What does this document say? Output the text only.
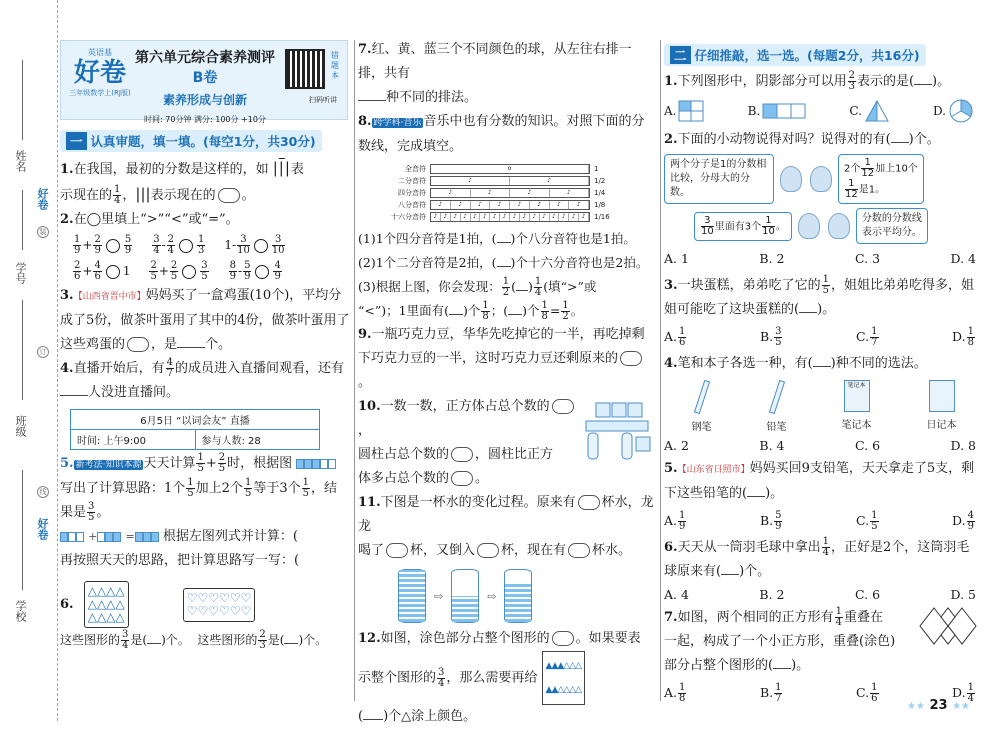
姓名
学号
班级
学校
装
订
线
好卷
好卷
英语基
好卷
三年级数学上(RJ版)
第六单元综合素养测评 B卷
素养形成与创新
时间: 70分钟 满分: 100分 +10分
扫码听讲
错题本
一 认真审题，填一填。(每空1分，共30分)
1.在我国，最初的分数是这样的，如 |||表
示现在的 $\frac{1}{4}$ ，|||表示现在的 。
2.在◯里填上“>”“<”或“=”。
$\frac{1}{9} + \frac{2}{9} \frac{5}{9} \frac{3}{4} - \frac{2}{4} \frac{1}{3} 1- \frac{3}{10} \frac{3}{10}$
$\frac{2}{6} + \frac{4}{6} 1 \frac{2}{5} + \frac{2}{5} \frac{3}{5} \frac{8}{9} - \frac{5}{9} \frac{4}{9}$
3.【山西省晋中市】妈妈买了一盒鸡蛋(10个)，平均分成了5份，做茶叶蛋用了其中的4份，做茶叶蛋用了这些鸡蛋的 ，是 个。
4.直播开始后，有 $\frac{4}{7}$ 的成员进入直播间观看，还有
人没进直播间。
6月5日 “以词会友” 直播
时间: 上午9:00	参与人数: 28
5. 新考法·知识本源 天天计算 $\frac{1}{5} + \frac{2}{5}$ 时，根据图

写出了计算思路：1个 $\frac{1}{5}$ 加上2个 $\frac{1}{5}$ 等于3个 $\frac{1}{5}$ ，结
果是 $\frac{3}{5}$ 。

+	= 根据左图列式并计算：(
再按照天天的思路，把计算思路写一写：(
6. △△△△
△△△△
△△△△ ♡♡♡♡♡♡
♡♡♡♡♡♡
这些图形的 $\frac{3}{4}$ 是( )个。 这些图形的 $\frac{2}{3}$ 是( )个。
7.红、黄、蓝三个不同颜色的球，从左往右排一排，共有
种不同的排法。
8. 跨学科·音乐 音乐中也有分数的知识。对照下面的分数线，完成填空。
全音符	o	1
二分音符	♪	♪	1/2
四分音符	♪	♪	♪	♪	1/4
八分音符	♪	♪	♪	♪	♪	♪	♪	♪	1/8
十六分音符	♪	♪	♪	♪	♪	♪	♪	♪	♪	♪	♪	♪	♪	♪	♪	♪	1/16
(1)1个四分音符是1拍，( )个八分音符也是1拍。
(2)1个二分音符是2拍，( )个十六分音符也是2拍。
(3)根据上图，你会发现： $\frac{1}{2}$ ( ) $\frac{1}{4}$ (填“>”或
“<”)；1里面有( )个 $\frac{1}{8}$ ；( )个 $\frac{1}{8} = \frac{1}{2}$ 。
9.一瓶巧克力豆，华华先吃掉它的一半，再吃掉剩下巧克力豆的一半，这时巧克力豆还剩原来的。
10.一数一数，正方体占总个数的，
圆柱占总个数的 ，圆柱比正方
体多占总个数的 。
11.下图是一杯水的变化过程。原来有 杯水，龙龙
喝了 杯，又倒入 杯，现在有 杯水。
⇨	⇨
12.如图，涂色部分占整个图形的 。如果要表
示整个图形的 $\frac{3}{4}$ ，那么需要再给 ▲▲▲△△△
▲▲△△△△
( )个△涂上颜色。
二 仔细推敲，选一选。(每题2分，共16分)
1.下列图形中，阴影部分可以用 $\frac{2}{3}$ 表示的是( )。
A.	B.	C.	D.
2.下面的小动物说得对吗？说得对的有( )个。
两个分子是1的分数相比较，分母大的分数。
2个 $\frac{1}{12}$ 加上10个

$\frac{1}{12}$ 是1。
$\frac{3}{10}$ 里面有3个 $\frac{1}{10}$ 。
分数的分数线表示平均分。
A. 1	B. 2	C. 3	D. 4
3.一块蛋糕，弟弟吃了它的 $\frac{1}{5}$ ，姐姐比弟弟吃得多，姐
姐可能吃了这块蛋糕的( )。
A. $\frac{1}{6}$	B. $\frac{3}{5}$	C. $\frac{1}{7}$	D. $\frac{1}{8}$
4.笔和本子各选一种，有( )种不同的选法。
钢笔	铅笔
笔记本
笔记本	日记本
A. 2	B. 4	C. 6	D. 8
5.【山东省日照市】妈妈买回9支铅笔，天天拿走了5支，剩下这些铅笔的( )。
A. $\frac{1}{9}$	B. $\frac{5}{9}$	C. $\frac{1}{5}$	D. $\frac{4}{9}$
6.天天从一筒羽毛球中拿出 $\frac{1}{4}$ ，正好是2个，这筒羽毛
球原来有( )个。
A. 4	B. 2	C. 6	D. 5
7.如图，两个相同的正方形有 $\frac{1}{4}$ 重叠在
一起，构成了一个小正方形，重叠(涂色)
部分占整个图形的( )。
A. $\frac{1}{8}$	B. $\frac{1}{7}$	C. $\frac{1}{6}$	D. $\frac{1}{4}$
★★ 23 ★★
